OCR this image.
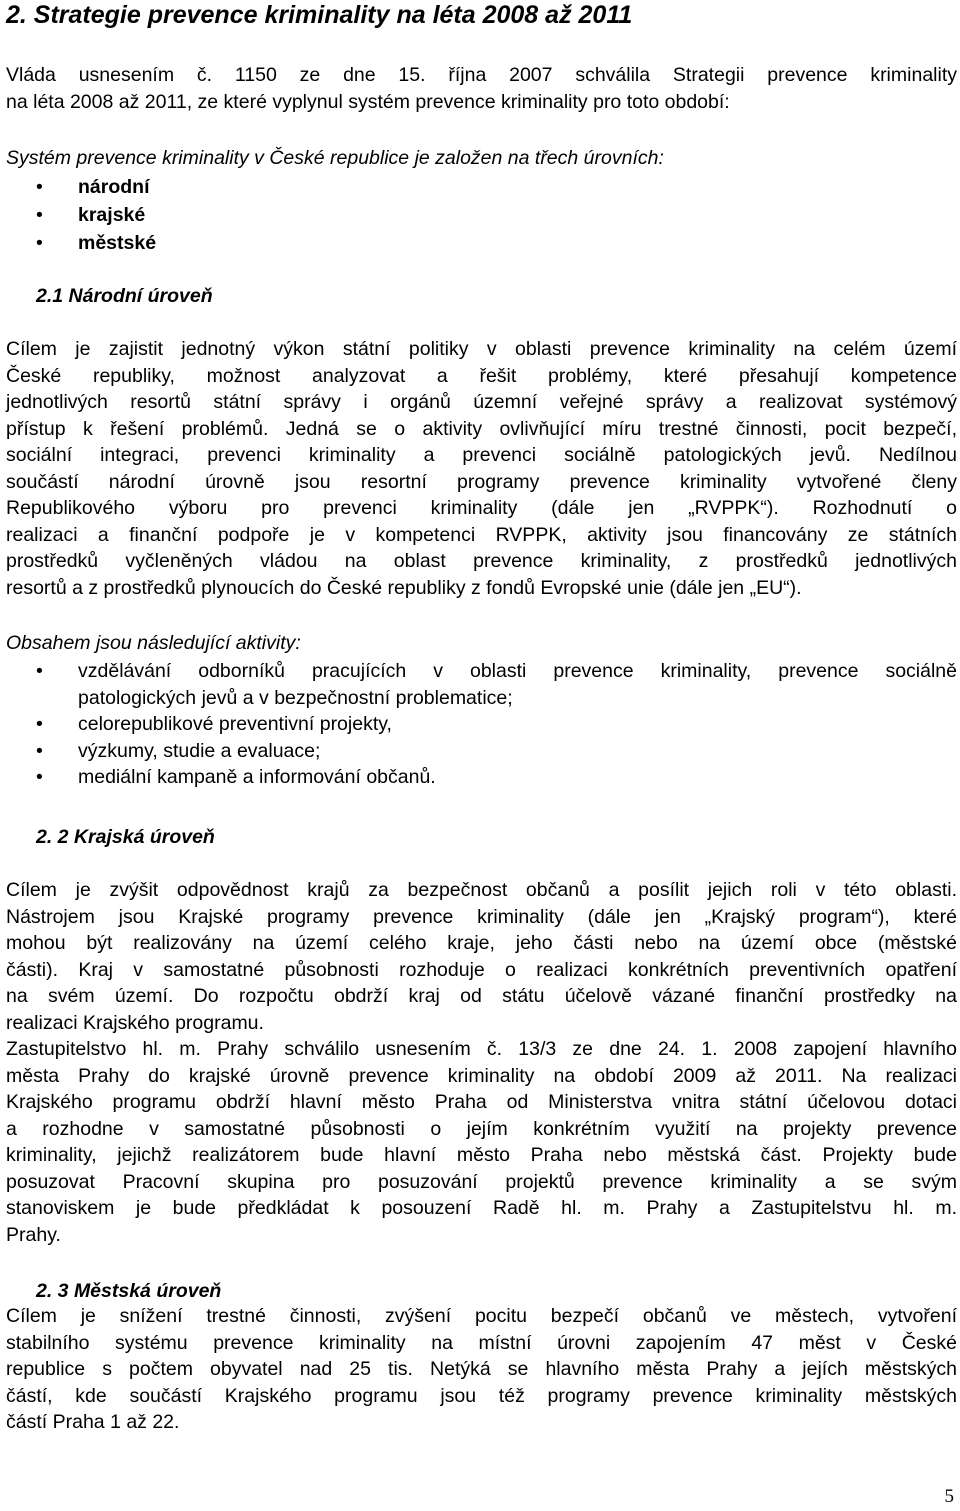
2. Strategie prevence kriminality na léta 2008 až 2011
Vláda usnesením č. 1150 ze dne 15. října 2007 schválila Strategii prevence kriminality
na léta 2008 až 2011, ze které vyplynul systém prevence kriminality pro toto období:
Systém prevence kriminality v České republice je založen na třech úrovních:
• národní
• krajské
• městské
2.1 Národní úroveň
Cílem je zajistit jednotný výkon státní politiky v oblasti prevence kriminality na celém území
České republiky, možnost analyzovat a řešit problémy, které přesahují kompetence
jednotlivých resortů státní správy i orgánů územní veřejné správy a realizovat systémový
přístup k řešení problémů. Jedná se o aktivity ovlivňující míru trestné činnosti, pocit bezpečí,
sociální integraci, prevenci kriminality a prevenci sociálně patologických jevů. Nedílnou
součástí národní úrovně jsou resortní programy prevence kriminality vytvořené členy
Republikového výboru pro prevenci kriminality (dále jen „RVPPK“). Rozhodnutí o
realizaci a finanční podpoře je v kompetenci RVPPK, aktivity jsou financovány ze státních
prostředků vyčleněných vládou na oblast prevence kriminality, z prostředků jednotlivých
resortů a z prostředků plynoucích do České republiky z fondů Evropské unie (dále jen „EU“).
Obsahem jsou následující aktivity:
• vzdělávání odborníků pracujících v oblasti prevence kriminality, prevence sociálně
patologických jevů a v bezpečnostní problematice;
• celorepublikové preventivní projekty,
• výzkumy, studie a evaluace;
• mediální kampaně a informování občanů.
2. 2 Krajská úroveň
Cílem je zvýšit odpovědnost krajů za bezpečnost občanů a posílit jejich roli v této oblasti.
Nástrojem jsou Krajské programy prevence kriminality (dále jen „Krajský program“), které
mohou být realizovány na území celého kraje, jeho části nebo na území obce (městské
části). Kraj v samostatné působnosti rozhoduje o realizaci konkrétních preventivních opatření
na svém území. Do rozpočtu obdrží kraj od státu účelově vázané finanční prostředky na
realizaci Krajského programu.
Zastupitelstvo hl. m. Prahy schválilo usnesením č. 13/3 ze dne 24. 1. 2008 zapojení hlavního
města Prahy do krajské úrovně prevence kriminality na období 2009 až 2011. Na realizaci
Krajského programu obdrží hlavní město Praha od Ministerstva vnitra státní účelovou dotaci
a rozhodne v samostatné působnosti o jejím konkrétním využití na projekty prevence
kriminality, jejichž realizátorem bude hlavní město Praha nebo městská část. Projekty bude
posuzovat Pracovní skupina pro posuzování projektů prevence kriminality a se svým
stanoviskem je bude předkládat k posouzení Radě hl. m. Prahy a Zastupitelstvu hl. m.
Prahy.
2. 3 Městská úroveň
Cílem je snížení trestné činnosti, zvýšení pocitu bezpečí občanů ve městech, vytvoření
stabilního systému prevence kriminality na místní úrovni zapojením 47 měst v České
republice s počtem obyvatel nad 25 tis. Netýká se hlavního města Prahy a jejích městských
částí, kde součástí Krajského programu jsou též programy prevence kriminality městských
částí Praha 1 až 22.
5
